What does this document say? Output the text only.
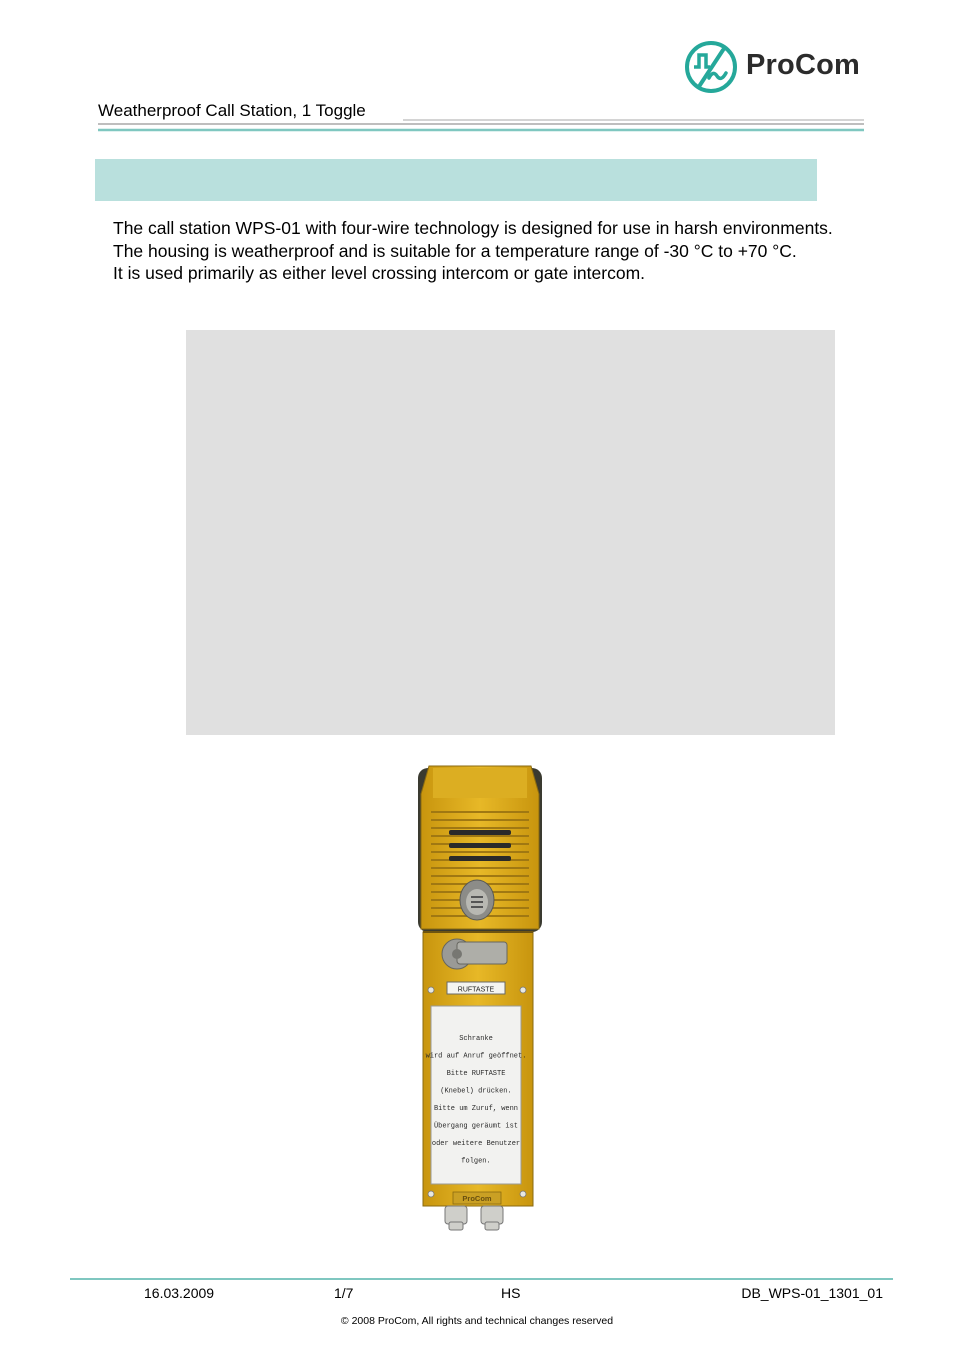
ProCom
Weatherproof Call Station, 1 Toggle

The call station WPS-01 with four-wire technology is designed for use in harsh environments. The housing is weatherproof and is suitable for a temperature range of -30 °C to +70 °C.

It is used primarily as either level crossing intercom or gate intercom.

RUFTASTE
Schranke
wird auf Anruf geöffnet.
Bitte RUFTASTE
(Knebel) drücken.
Bitte um Zuruf, wenn
Übergang geräumt ist
oder weitere Benutzer
folgen.
ProCom
16.03.2009	1/7	HS	DB_WPS-01_1301_01
© 2008 ProCom, All rights and technical changes reserved
